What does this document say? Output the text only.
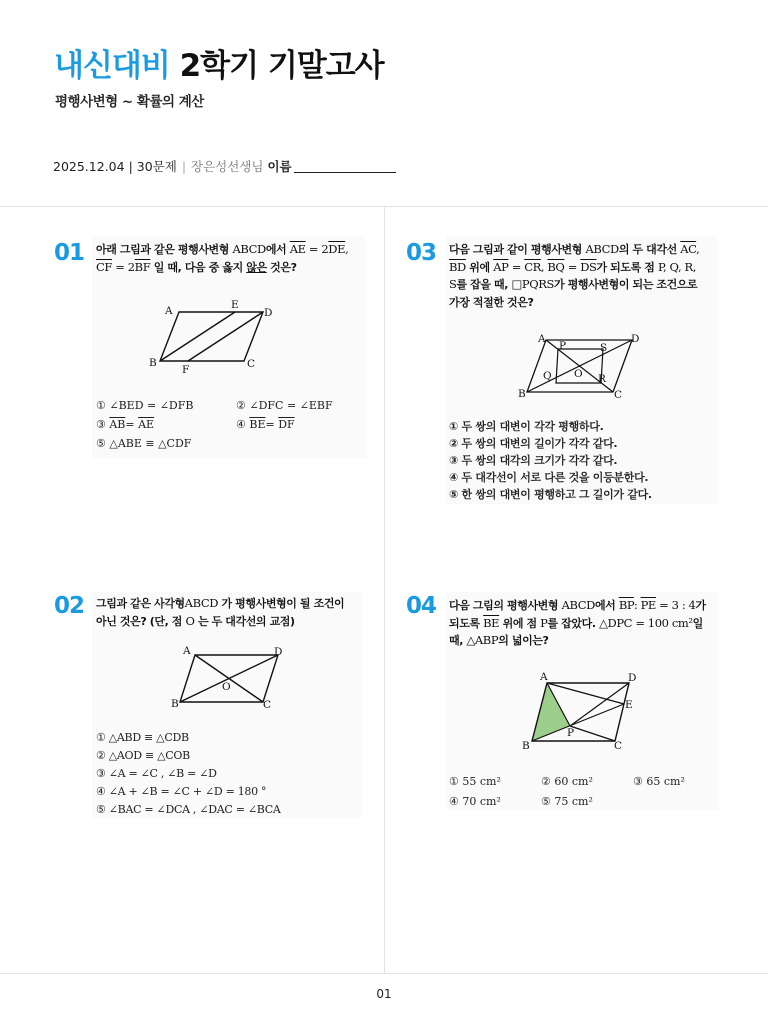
내신대비 2학기 기말고사
평행사변형 ~ 확률의 계산
2025.12.04 | 30문제 | 장은성선생님 이름
01 아래 그림과 같은 평행사변형 ABCD에서 $\overline{AE} = 2\overline{DE}$,
$\overline{CF} = 2\overline{BF}$ 일 때, 다음 중 옳지 않은 것은?
A	E
D
B
F	C
① ∠BED = ∠DFB	② ∠DFC = ∠EBF
③ $\overline{AB}= \overline{AE}$	④ $\overline{BE}= \overline{DF}$
⑤ △ABE ≡ △CDF
02 그림과 같은 사각형ABCD 가 평행사변형이 될 조건이
아닌 것은? (단, 점 O 는 두 대각선의 교점)
A	D
B	C
O
① △ABD ≡ △CDB
② △AOD ≡ △COB
③ ∠A = ∠C , ∠B = ∠D
④ ∠A + ∠B = ∠C + ∠D = 180 °
⑤ ∠BAC = ∠DCA , ∠DAC = ∠BCA
03 다음 그림과 같이 평행사변형 ABCD의 두 대각선 $\overline{AC}$,
$\overline{BD}$ 위에 $\overline{AP} = \overline{CR}$, $\overline{BQ} = \overline{DS}$가 되도록 점 P, Q, R,
S를 잡을 때, □PQRS가 평행사변형이 되는 조건으로
가장 적절한 것은?
A	D
B	C
P	S
Q	R
O
① 두 쌍의 대변이 각각 평행하다.
② 두 쌍의 대변의 길이가 각각 같다.
③ 두 쌍의 대각의 크기가 각각 같다.
④ 두 대각선이 서로 다른 것을 이등분한다.
⑤ 한 쌍의 대변이 평행하고 그 길이가 같다.
04 다음 그림의 평행사변형 ABCD에서 $\overline{BP}$: $\overline{PE} = 3$ : 4가
되도록 $\overline{BE}$ 위에 점 P를 잡았다. △DPC = 100 cm²일
때, △ABP의 넓이는?
A	D
E
B	C
P
① 55 cm²	② 60 cm²	③ 65 cm²
④ 70 cm²	⑤ 75 cm²
01
